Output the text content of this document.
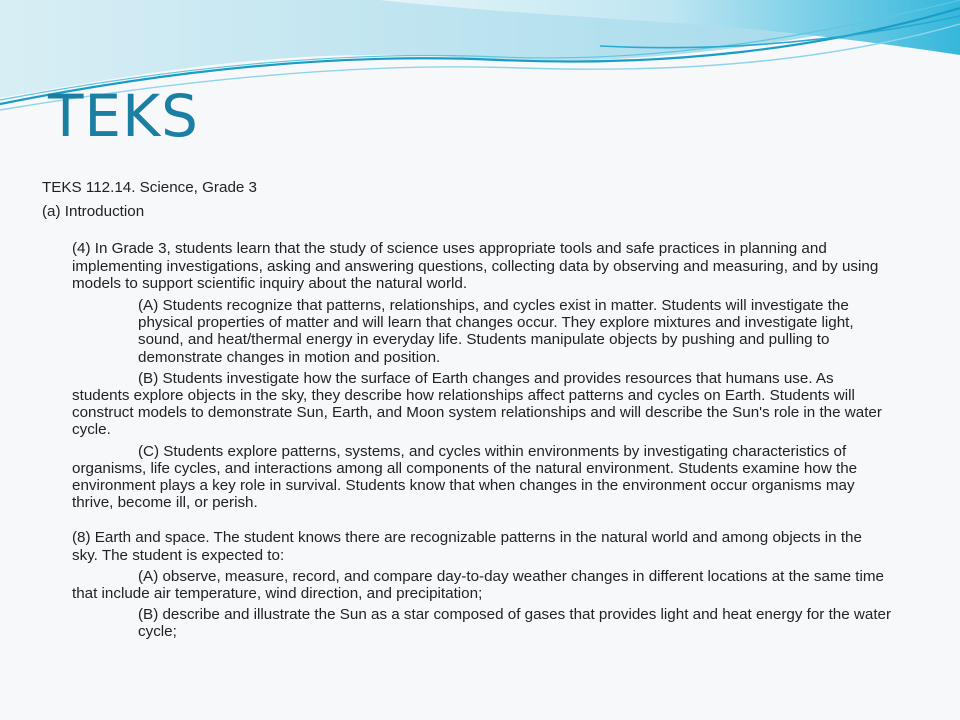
TEKS

TEKS 112.14. Science, Grade 3

(a) Introduction

(4) In Grade 3, students learn that the study of science uses appropriate tools and safe practices in planning and implementing investigations, asking and answering questions, collecting data by observing and measuring, and by using models to support scientific inquiry about the natural world.

(A) Students recognize that patterns, relationships, and cycles exist in matter. Students will investigate the physical properties of matter and will learn that changes occur. They explore mixtures and investigate light, sound, and heat/thermal energy in everyday life. Students manipulate objects by pushing and pulling to demonstrate changes in motion and position.

(B) Students investigate how the surface of Earth changes and provides resources that humans use. As students explore objects in the sky, they describe how relationships affect patterns and cycles on Earth. Students will construct models to demonstrate Sun, Earth, and Moon system relationships and will describe the Sun's role in the water cycle.

(C) Students explore patterns, systems, and cycles within environments by investigating characteristics of organisms, life cycles, and interactions among all components of the natural environment. Students examine how the environment plays a key role in survival. Students know that when changes in the environment occur organisms may thrive, become ill, or perish.

(8) Earth and space. The student knows there are recognizable patterns in the natural world and among objects in the sky. The student is expected to:

(A) observe, measure, record, and compare day-to-day weather changes in different locations at the same time that include air temperature, wind direction, and precipitation;

(B) describe and illustrate the Sun as a star composed of gases that provides light and heat energy for the water cycle;
